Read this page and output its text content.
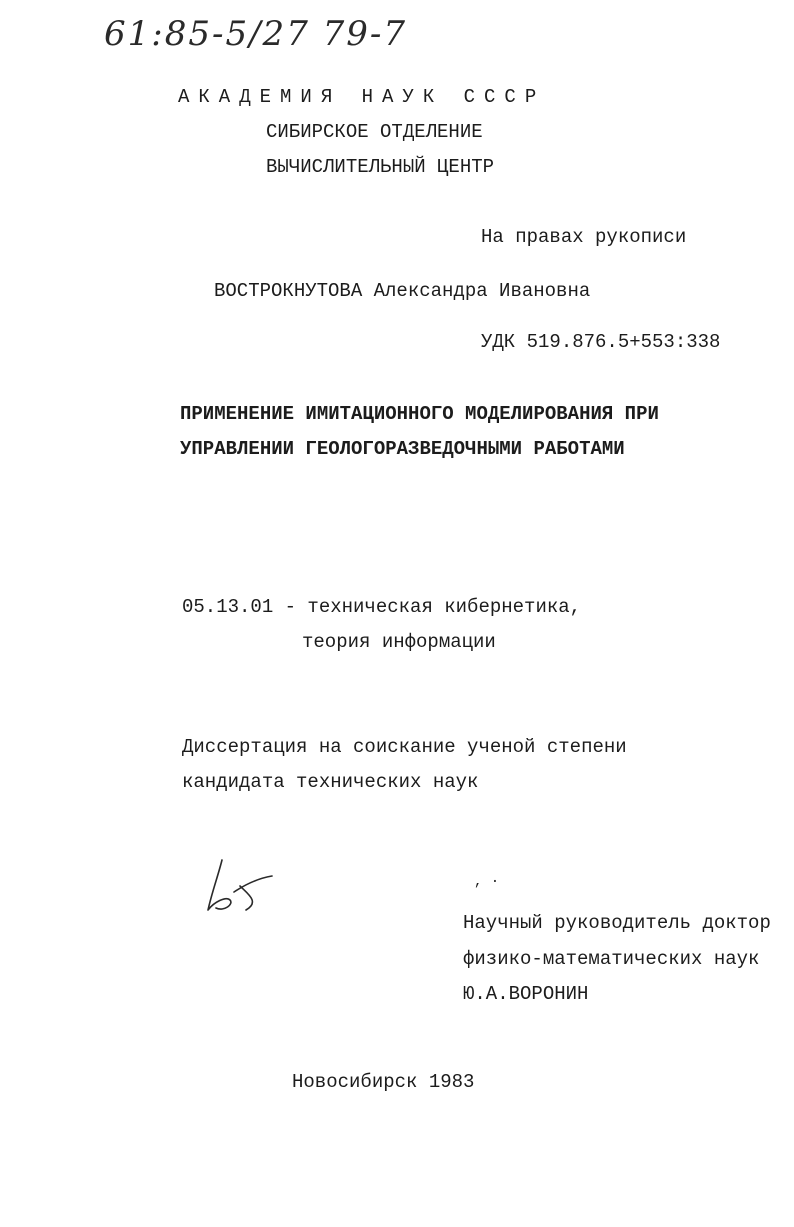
61:85-5/27 79-7
АКАДЕМИЯ НАУК СССР
СИБИРСКОЕ ОТДЕЛЕНИЕ
ВЫЧИСЛИТЕЛЬНЫЙ ЦЕНТР
На правах рукописи
ВОСТРОКНУТОВА Александра Ивановна
УДК 519.876.5+553:338
ПРИМЕНЕНИЕ ИМИТАЦИОННОГО МОДЕЛИРОВАНИЯ ПРИ
УПРАВЛЕНИИ ГЕОЛОГОРАЗВЕДОЧНЫМИ РАБОТАМИ
05.13.01 - техническая кибернетика,
теория информации
Диссертация на соискание ученой степени
кандидата технических наук
, ·
Научный руководитель доктор
физико-математических наук
Ю.А.ВОРОНИН
Новосибирск 1983
